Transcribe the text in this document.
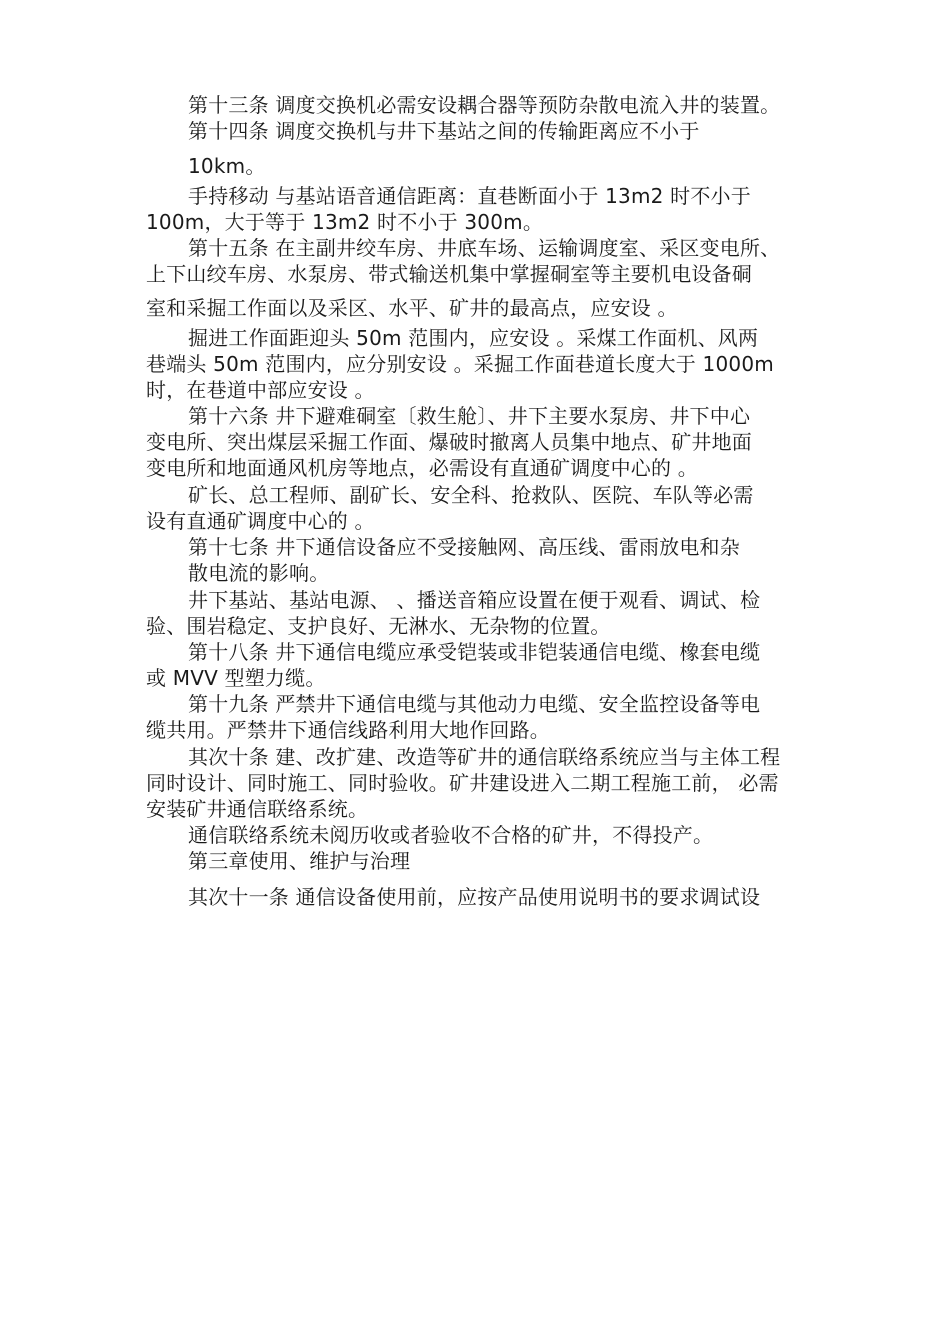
第十三条 调度交换机必需安设耦合器等预防杂散电流入井的装置。
第十四条 调度交换机与井下基站之间的传输距离应不小于
10km。
手持移动 与基站语音通信距离：直巷断面小于 13m2 时不小于
100m，大于等于 13m2 时不小于 300m。
第十五条 在主副井绞车房、井底车场、运输调度室、采区变电所、
上下山绞车房、水泵房、带式输送机集中掌握硐室等主要机电设备硐
室和采掘工作面以及采区、水平、矿井的最高点，应安设 。
掘进工作面距迎头 50m 范围内，应安设 。采煤工作面机、风两
巷端头 50m 范围内，应分别安设 。采掘工作面巷道长度大于 1000m
时，在巷道中部应安设 。
第十六条 井下避难硐室〔救生舱〕、井下主要水泵房、井下中心
变电所、突出煤层采掘工作面、爆破时撤离人员集中地点、矿井地面
变电所和地面通风机房等地点，必需设有直通矿调度中心的 。
矿长、总工程师、副矿长、安全科、抢救队、医院、车队等必需
设有直通矿调度中心的 。
第十七条 井下通信设备应不受接触网、高压线、雷雨放电和杂
散电流的影响。
井下基站、基站电源、 、播送音箱应设置在便于观看、调试、检
验、围岩稳定、支护良好、无淋水、无杂物的位置。
第十八条 井下通信电缆应承受铠装或非铠装通信电缆、橡套电缆
或 MVV 型塑力缆。
第十九条 严禁井下通信电缆与其他动力电缆、安全监控设备等电
缆共用。严禁井下通信线路利用大地作回路。
其次十条 建、改扩建、改造等矿井的通信联络系统应当与主体工程
同时设计、同时施工、同时验收。矿井建设进入二期工程施工前， 必需
安装矿井通信联络系统。
通信联络系统未阅历收或者验收不合格的矿井，不得投产。
第三章使用、维护与治理
其次十一条 通信设备使用前，应按产品使用说明书的要求调试设
